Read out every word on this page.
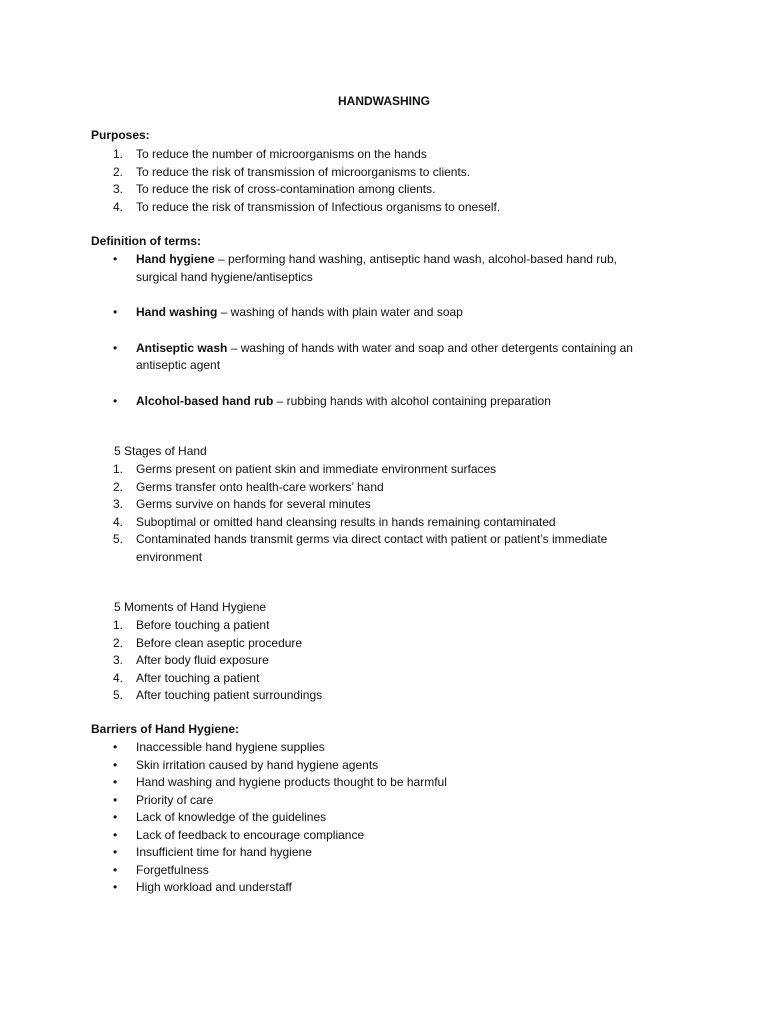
HANDWASHING
Purposes:
1. To reduce the number of microorganisms on the hands
2. To reduce the risk of transmission of microorganisms to clients.
3. To reduce the risk of cross-contamination among clients.
4. To reduce the risk of transmission of Infectious organisms to oneself.
Definition of terms:
• Hand hygiene – performing hand washing, antiseptic hand wash, alcohol-based hand rub, surgical hand hygiene/antiseptics
• Hand washing – washing of hands with plain water and soap
• Antiseptic wash – washing of hands with water and soap and other detergents containing an antiseptic agent
• Alcohol-based hand rub – rubbing hands with alcohol containing preparation
5 Stages of Hand
1. Germs present on patient skin and immediate environment surfaces
2. Germs transfer onto health-care workers’ hand
3. Germs survive on hands for several minutes
4. Suboptimal or omitted hand cleansing results in hands remaining contaminated
5. Contaminated hands transmit germs via direct contact with patient or patient’s immediate environment
5 Moments of Hand Hygiene
1. Before touching a patient
2. Before clean aseptic procedure
3. After body fluid exposure
4. After touching a patient
5. After touching patient surroundings
Barriers of Hand Hygiene:
• Inaccessible hand hygiene supplies
• Skin irritation caused by hand hygiene agents
• Hand washing and hygiene products thought to be harmful
• Priority of care
• Lack of knowledge of the guidelines
• Lack of feedback to encourage compliance
• Insufficient time for hand hygiene
• Forgetfulness
• High workload and understaff
